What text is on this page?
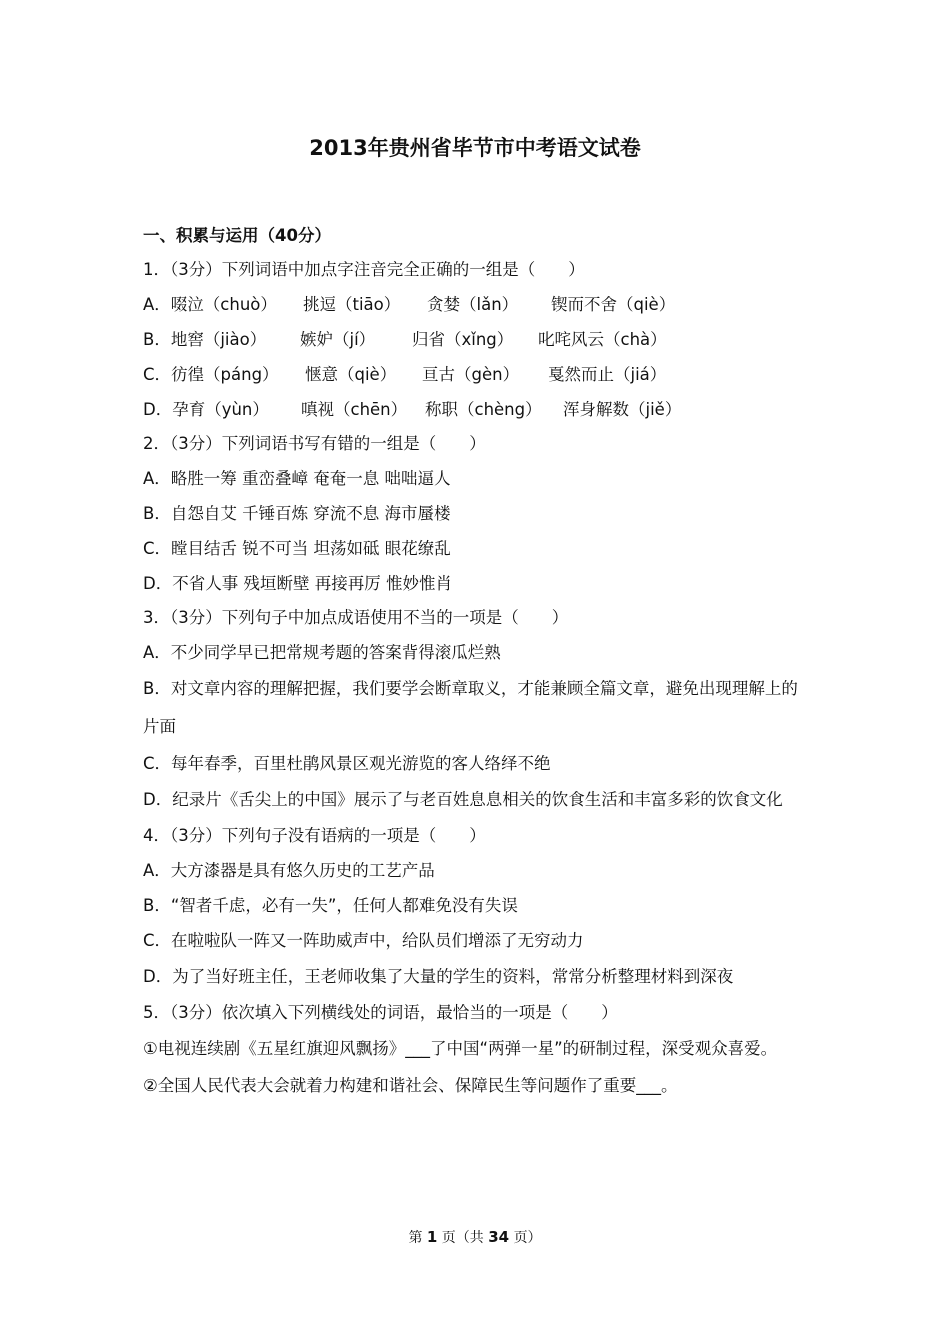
2013年贵州省毕节市中考语文试卷

一、积累与运用（40分）

1．（3分）下列词语中加点字注音完全正确的一组是（　　）

A．啜泣（chuò） 挑逗（tiāo） 贪婪（lǎn） 锲而不舍（qiè）

B．地窖（jiào） 嫉妒（jí） 归省（xǐng） 叱咤风云（chà）

C．彷徨（páng） 惬意（qiè） 亘古（gèn） 戛然而止（jiá）

D．孕育（yùn） 嗔视（chēn） 称职（chèng） 浑身解数（jiě）

2．（3分）下列词语书写有错的一组是（　　）

A．略胜一筹 重峦叠嶂 奄奄一息 咄咄逼人

B．自怨自艾 千锤百炼 穿流不息 海市蜃楼

C．瞠目结舌 锐不可当 坦荡如砥 眼花缭乱

D．不省人事 残垣断壁 再接再厉 惟妙惟肖

3．（3分）下列句子中加点成语使用不当的一项是（　　）

A．不少同学早已把常规考题的答案背得滚瓜烂熟

B．对文章内容的理解把握，我们要学会断章取义，才能兼顾全篇文章，避免出现理解上的片面

C．每年春季，百里杜鹃风景区观光游览的客人络绎不绝

D．纪录片《舌尖上的中国》展示了与老百姓息息相关的饮食生活和丰富多彩的饮食文化

4．（3分）下列句子没有语病的一项是（　　）

A．大方漆器是具有悠久历史的工艺产品

B．“智者千虑，必有一失”，任何人都难免没有失误

C．在啦啦队一阵又一阵助威声中，给队员们增添了无穷动力

D．为了当好班主任，王老师收集了大量的学生的资料，常常分析整理材料到深夜

5．（3分）依次填入下列横线处的词语，最恰当的一项是（　　）

①电视连续剧《五星红旗迎风飘扬》___了中国“两弹一星”的研制过程，深受观众喜爱。

②全国人民代表大会就着力构建和谐社会、保障民生等问题作了重要___。

第 1 页（共 34 页）
